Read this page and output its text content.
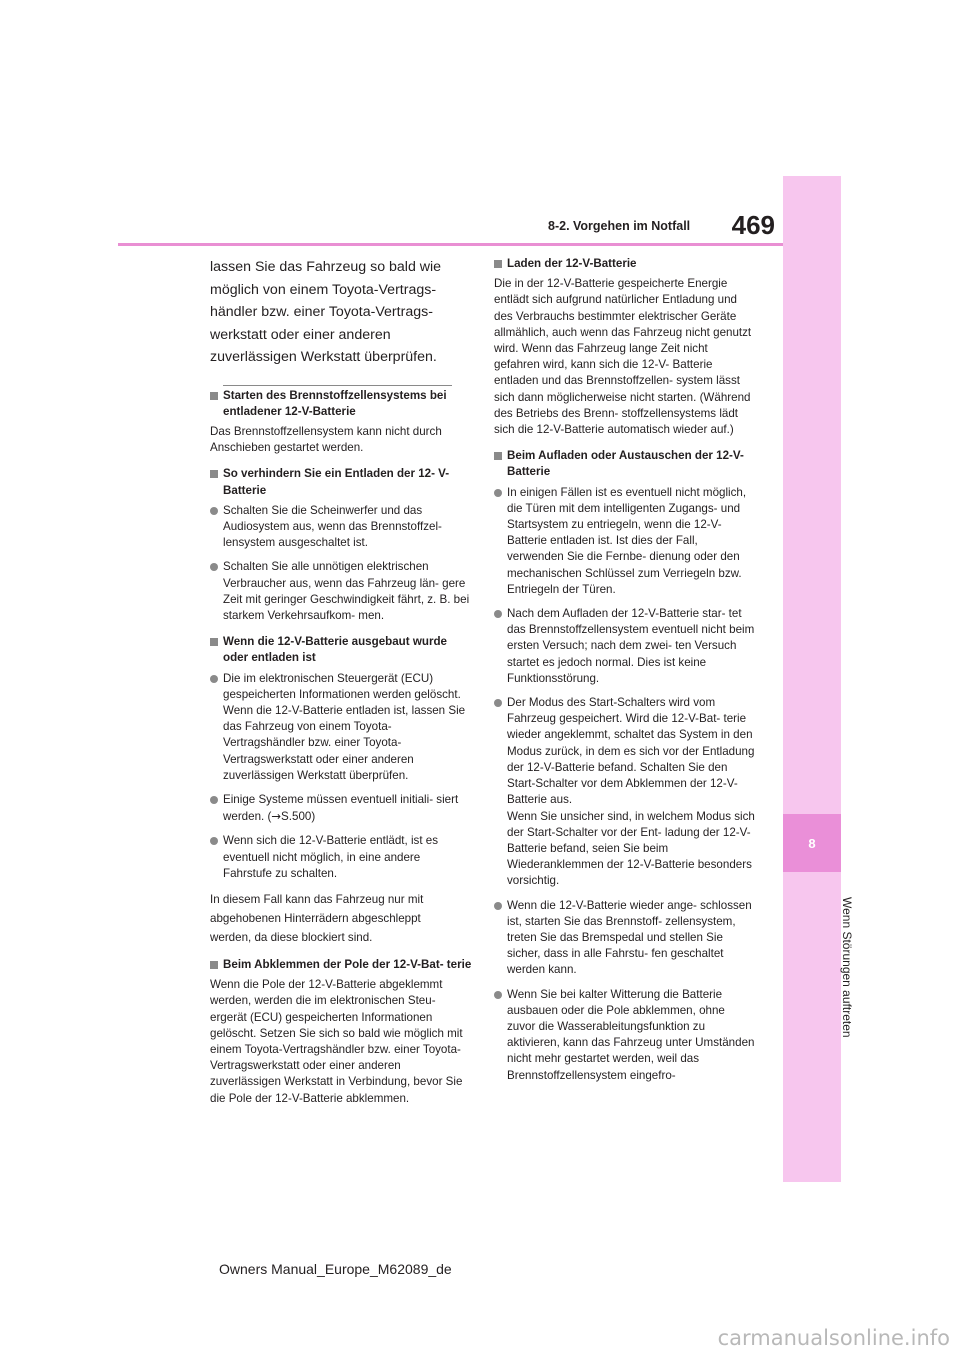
469
8-2. Vorgehen im Notfall
8
Wenn Störungen auftreten

lassen Sie das Fahrzeug so bald wie möglich von einem Toyota-Vertrags- händler bzw. einer Toyota-Vertrags- werkstatt oder einer anderen zuverlässigen Werkstatt überprüfen.

Starten des Brennstoffzellensystems bei entladener 12-V-Batterie

Das Brennstoffzellensystem kann nicht durch Anschieben gestartet werden.

So verhindern Sie ein Entladen der 12- V-Batterie
Schalten Sie die Scheinwerfer und das Audiosystem aus, wenn das Brennstoffzel- lensystem ausgeschaltet ist.
Schalten Sie alle unnötigen elektrischen Verbraucher aus, wenn das Fahrzeug län- gere Zeit mit geringer Geschwindigkeit fährt, z. B. bei starkem Verkehrsaufkom- men.
Wenn die 12-V-Batterie ausgebaut wurde oder entladen ist
Die im elektronischen Steuergerät (ECU) gespeicherten Informationen werden gelöscht. Wenn die 12-V-Batterie entladen ist, lassen Sie das Fahrzeug von einem Toyota-Vertragshändler bzw. einer Toyota- Vertragswerkstatt oder einer anderen zuverlässigen Werkstatt überprüfen.
Einige Systeme müssen eventuell initiali- siert werden. (→S.500)
Wenn sich die 12-V-Batterie entlädt, ist es eventuell nicht möglich, in eine andere Fahrstufe zu schalten.

In diesem Fall kann das Fahrzeug nur mit

abgehobenen Hinterrädern abgeschleppt

werden, da diese blockiert sind.

Beim Abklemmen der Pole der 12-V-Bat- terie

Wenn die Pole der 12-V-Batterie abgeklemmt werden, werden die im elektronischen Steu- ergerät (ECU) gespeicherten Informationen gelöscht. Setzen Sie sich so bald wie möglich mit einem Toyota-Vertragshändler bzw. einer Toyota-Vertragswerkstatt oder einer anderen zuverlässigen Werkstatt in Verbindung, bevor Sie die Pole der 12-V-Batterie abklemmen.

Laden der 12-V-Batterie

Die in der 12-V-Batterie gespeicherte Energie entlädt sich aufgrund natürlicher Entladung und des Verbrauchs bestimmter elektrischer Geräte allmählich, auch wenn das Fahrzeug nicht genutzt wird. Wenn das Fahrzeug lange Zeit nicht gefahren wird, kann sich die 12-V- Batterie entladen und das Brennstoffzellen- system lässt sich dann möglicherweise nicht starten. (Während des Betriebs des Brenn- stoffzellensystems lädt sich die 12-V-Batterie automatisch wieder auf.)

Beim Aufladen oder Austauschen der 12-V-Batterie
In einigen Fällen ist es eventuell nicht möglich, die Türen mit dem intelligenten Zugangs- und Startsystem zu entriegeln, wenn die 12-V-Batterie entladen ist. Ist dies der Fall, verwenden Sie die Fernbe- dienung oder den mechanischen Schlüssel zum Verriegeln bzw. Entriegeln der Türen.
Nach dem Aufladen der 12-V-Batterie star- tet das Brennstoffzellensystem eventuell nicht beim ersten Versuch; nach dem zwei- ten Versuch startet es jedoch normal. Dies ist keine Funktionsstörung.
Der Modus des Start-Schalters wird vom Fahrzeug gespeichert. Wird die 12-V-Bat- terie wieder angeklemmt, schaltet das System in den Modus zurück, in dem es sich vor der Entladung der 12-V-Batterie befand. Schalten Sie den Start-Schalter vor dem Abklemmen der 12-V-Batterie aus.
Wenn Sie unsicher sind, in welchem Modus sich der Start-Schalter vor der Ent- ladung der 12-V-Batterie befand, seien Sie beim Wiederanklemmen der 12-V-Batterie besonders vorsichtig.
Wenn die 12-V-Batterie wieder ange- schlossen ist, starten Sie das Brennstoff- zellensystem, treten Sie das Bremspedal und stellen Sie sicher, dass in alle Fahrstu- fen geschaltet werden kann.
Wenn Sie bei kalter Witterung die Batterie ausbauen oder die Pole abklemmen, ohne zuvor die Wasserableitungsfunktion zu aktivieren, kann das Fahrzeug unter Umständen nicht mehr gestartet werden, weil das Brennstoffzellensystem eingefro-
Owners Manual_Europe_M62089_de
carmanualsonline.info
